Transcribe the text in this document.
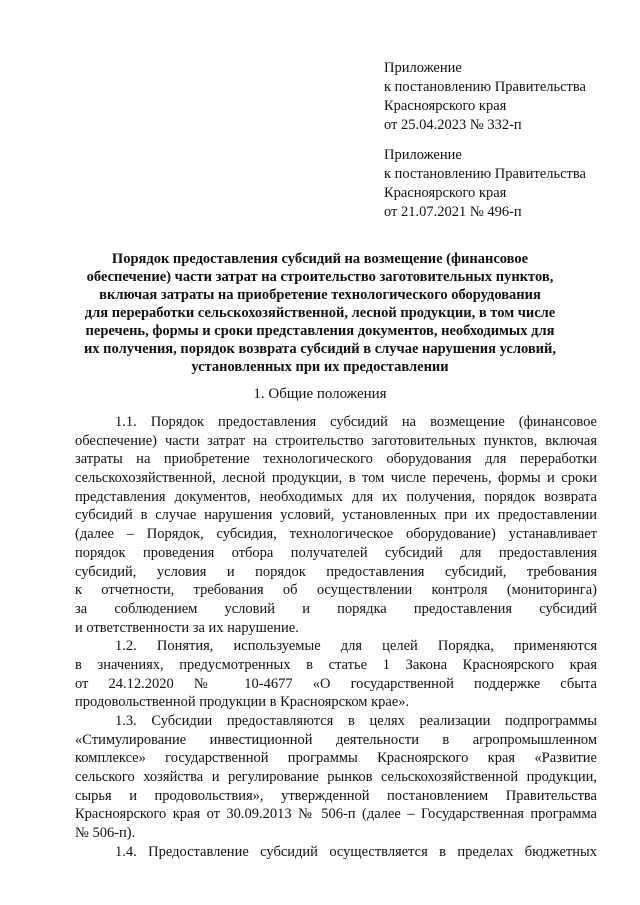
Приложение
к постановлению Правительства
Красноярского края
от 25.04.2023 № 332-п
Приложение
к постановлению Правительства
Красноярского края
от 21.07.2021 № 496-п
Порядок предоставления субсидий на возмещение (финансовое
обеспечение) части затрат на строительство заготовительных пунктов,
включая затраты на приобретение технологического оборудования
для переработки сельскохозяйственной, лесной продукции, в том числе
перечень, формы и сроки представления документов, необходимых для
их получения, порядок возврата субсидий в случае нарушения условий,
установленных при их предоставлении
1. Общие положения
1.1. Порядок предоставления субсидий на возмещение (финансовое
обеспечение) части затрат на строительство заготовительных пунктов, включая
затраты на приобретение технологического оборудования для переработки
сельскохозяйственной, лесной продукции, в том числе перечень, формы и сроки
представления документов, необходимых для их получения, порядок возврата
субсидий в случае нарушения условий, установленных при их предоставлении
(далее – Порядок, субсидия, технологическое оборудование) устанавливает
порядок проведения отбора получателей субсидий для предоставления
субсидий, условия и порядок предоставления субсидий, требования
к отчетности, требования об осуществлении контроля (мониторинга)
за соблюдением условий и порядка предоставления субсидий
и ответственности за их нарушение.
1.2. Понятия, используемые для целей Порядка, применяются
в значениях, предусмотренных в статье 1 Закона Красноярского края
от 24.12.2020 № 10-4677 «О государственной поддержке сбыта
продовольственной продукции в Красноярском крае».
1.3. Субсидии предоставляются в целях реализации подпрограммы
«Стимулирование инвестиционной деятельности в агропромышленном
комплексе» государственной программы Красноярского края «Развитие
сельского хозяйства и регулирование рынков сельскохозяйственной продукции,
сырья и продовольствия», утвержденной постановлением Правительства
Красноярского края от 30.09.2013 № 506-п (далее – Государственная программа
№ 506-п).
1.4. Предоставление субсидий осуществляется в пределах бюджетных
